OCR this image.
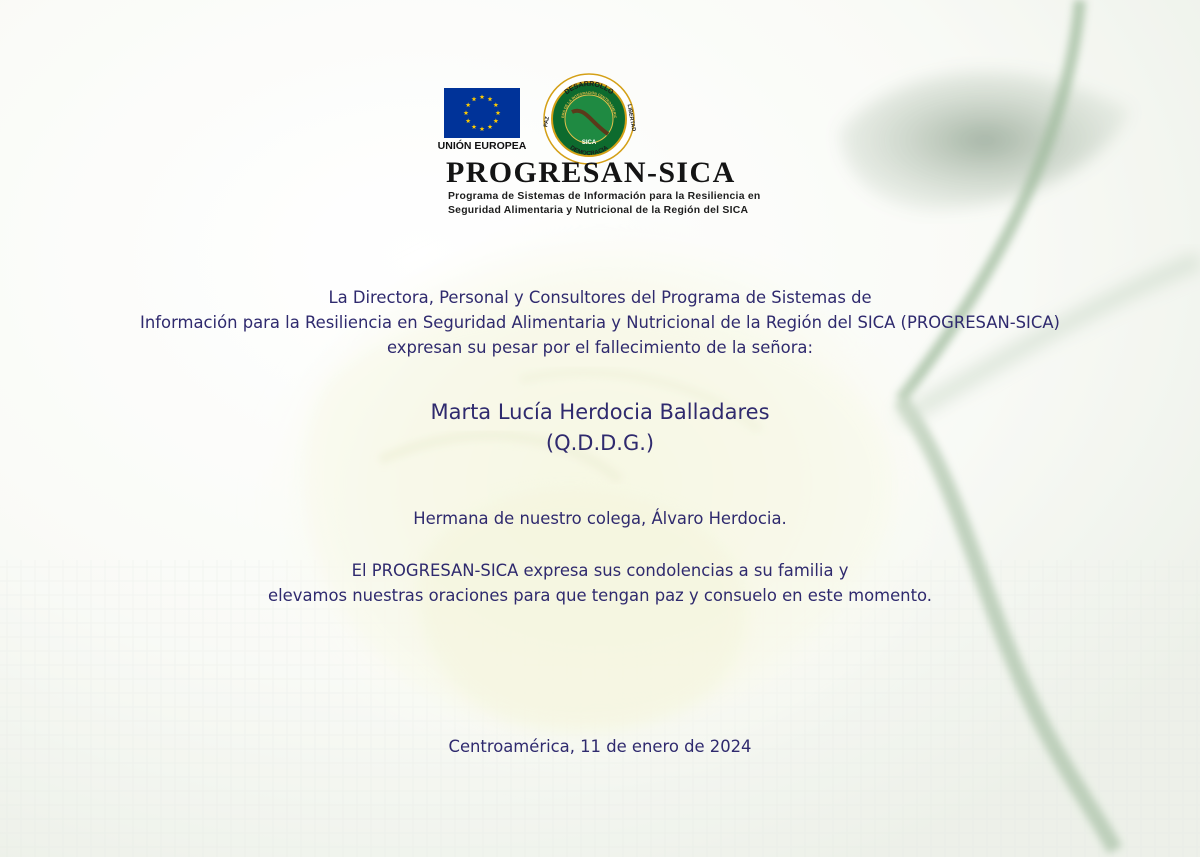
UNIÓN EUROPEA
DESARROLLO
DEMOCRACIA
EMA DE LA INTEGRACIÓN CENTROAMERIC
PAZ	LIBERTAD
SICA
PROGRESAN-SICA
Programa de Sistemas de Información para la Resiliencia en
Seguridad Alimentaria y Nutricional de la Región del SICA
La Directora, Personal y Consultores del Programa de Sistemas de
Información para la Resiliencia en Seguridad Alimentaria y Nutricional de la Región del SICA (PROGRESAN-SICA)
expresan su pesar por el fallecimiento de la señora:
Marta Lucía Herdocia Balladares
(Q.D.D.G.)
Hermana de nuestro colega, Álvaro Herdocia.
El PROGRESAN-SICA expresa sus condolencias a su familia y
elevamos nuestras oraciones para que tengan paz y consuelo en este momento.
Centroamérica, 11 de enero de 2024
